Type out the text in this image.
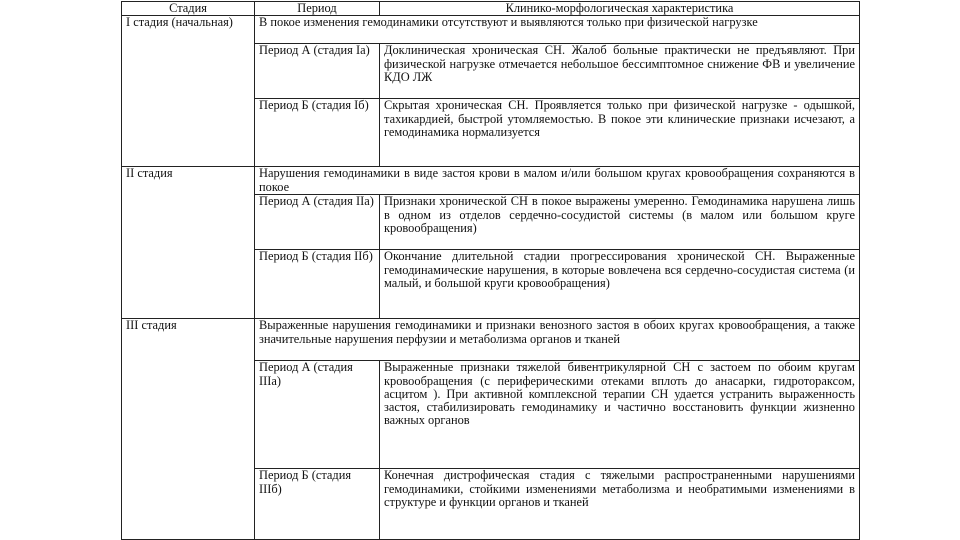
Стадия	Период	Клинико-морфологическая характеристика
I стадия (начальная)	В покое изменения гемодинамики отсутствуют и выявляются только при физической нагрузке	
	Период А (стадия Iа)	Доклиническая хроническая СН. Жалоб больные практически не предъявляют. При физической нагрузке отмечается небольшое бессимптомное снижение ФВ и увеличение КДО ЛЖ
	Период Б (стадия Iб)	Скрытая хроническая СН. Проявляется только при физической нагрузке - одышкой, тахикардией, быстрой утомляемостью. В покое эти клинические признаки исчезают, а гемодинамика нормализуется
II стадия	Нарушения гемодинамики в виде застоя крови в малом и/или большом кругах кровообращения сохраняются в покое	
	Период А (стадия IIа)	Признаки хронической СН в покое выражены умеренно. Гемодинамика нарушена лишь в одном из отделов сердечно-сосудистой системы (в малом или большом круге кровообращения)
	Период Б (стадия IIб)	Окончание длительной стадии прогрессирования хронической СН. Выраженные гемодинамические нарушения, в которые вовлечена вся сердечно-сосудистая система (и малый, и большой круги кровообращения)
III стадия	Выраженные нарушения гемодинамики и признаки венозного застоя в обоих кругах кровообращения, а также значительные нарушения перфузии и метаболизма органов и тканей	
	Период А (стадия IIIа)	Выраженные признаки тяжелой бивентрикулярной СН с застоем по обоим кругам кровообращения (с периферическими отеками вплоть до анасарки, гидротораксом, асцитом ). При активной комплексной терапии СН удается устранить выраженность застоя, стабилизировать гемодинамику и частично восстановить функции жизненно важных органов
	Период Б (стадия IIIб)	Конечная дистрофическая стадия с тяжелыми распространенными нарушениями гемодинамики, стойкими изменениями метаболизма и необратимыми изменениями в структуре и функции органов и тканей
